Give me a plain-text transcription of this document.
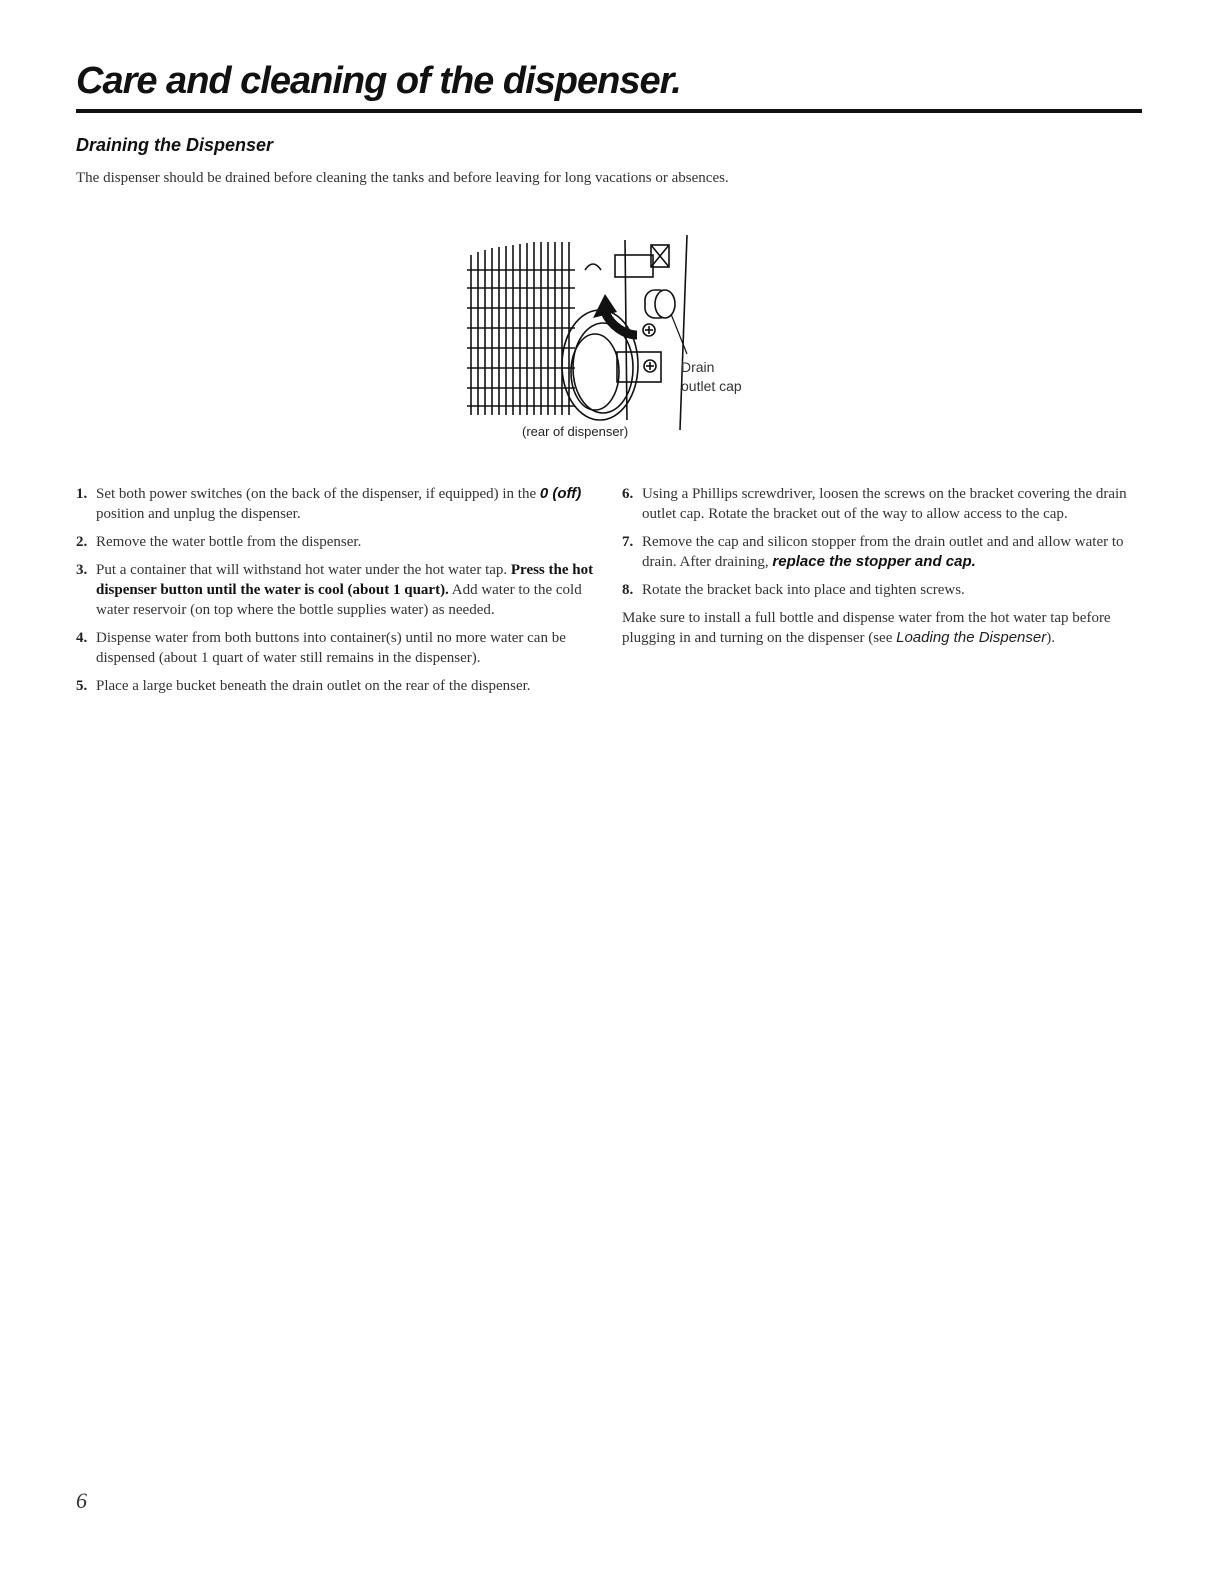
Care and cleaning of the dispenser.
Draining the Dispenser

The dispenser should be drained before cleaning the tanks and before leaving for long vacations or absences.

Drain
outlet cap

(rear of dispenser)

1. Set both power switches (on the back of the dispenser, if equipped) in the 0 (off) position and unplug the dispenser.
2. Remove the water bottle from the dispenser.
3. Put a container that will withstand hot water under the hot water tap. Press the hot dispenser button until the water is cool (about 1 quart). Add water to the cold water reservoir (on top where the bottle supplies water) as needed.
4. Dispense water from both buttons into container(s) until no more water can be dispensed (about 1 quart of water still remains in the dispenser).
5. Place a large bucket beneath the drain outlet on the rear of the dispenser.
6. Using a Phillips screwdriver, loosen the screws on the bracket covering the drain outlet cap. Rotate the bracket out of the way to allow access to the cap.
7. Remove the cap and silicon stopper from the drain outlet and and allow water to drain. After draining, replace the stopper and cap.
8. Rotate the bracket back into place and tighten screws.

Make sure to install a full bottle and dispense water from the hot water tap before plugging in and turning on the dispenser (see Loading the Dispenser).

6
